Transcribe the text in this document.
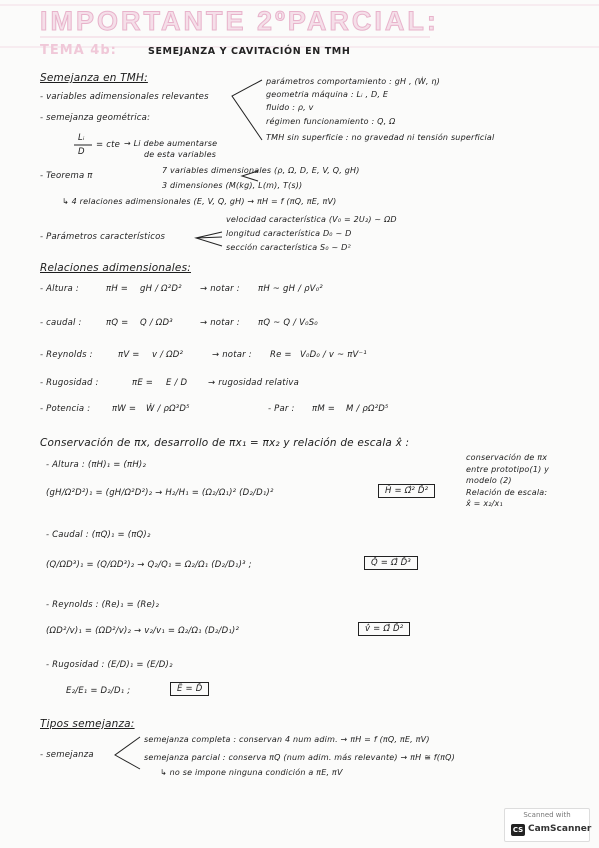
IMPORTANTE 2ºPARCIAL:
TEMA 4b:	SEMEJANZA Y CAVITACIÓN EN TMH
Semejanza en TMH:
- variables adimensionales relevantes
parámetros comportamiento : gH , (Ẇ, η)
geometria máquina : Lᵢ , D, E
fluido : ρ, v
régimen funcionamiento : Q, Ω
TMH sin superficie : no gravedad ni tensión superficial
- semejanza geométrica:
Lᵢ
D
= cte → Li debe aumentarse
de esta variables
- Teorema π
7 variables dimensionales (ρ, Ω, D, E, V, Q, gH)
3 dimensiones (M(kg), L(m), T(s))
↳ 4 relaciones adimensionales (E, V, Q, gH) → πH = f (πQ, πE, πV)
- Parámetros característicos
velocidad característica (V₀ = 2U₂) ~ ΩD
longitud característica D₀ ~ D
sección característica S₀ ~ D²
Relaciones adimensionales:
- Altura :	πH = gH / Ω²D² → notar : πH ~ gH / ρV₀²
- caudal :	πQ = Q / ΩD³	→ notar : πQ ~ Q / V₀S₀
- Reynolds :	πV = v / ΩD²	→ notar : Re = V₀D₀ / v ~ πV⁻¹
- Rugosidad :	πE = E / D → rugosidad relativa
- Potencia :	πW = Ẇ / ρΩ³D⁵	- Par : πM = M / ρΩ²D⁵
Conservación de πx, desarrollo de πx₁ = πx₂ y relación de escala x̂ :
conservación de πx
entre prototipo(1) y
modelo (2)
Relación de escala:
x̂ = x₂/x₁
- Altura : (πH)₁ = (πH)₂
(gH/Ω²D²)₁ = (gH/Ω²D²)₂ → H₂/H₁ = (Ω₂/Ω₁)² (D₂/D₁)²	Ĥ = Ω̂² D̂²
- Caudal : (πQ)₁ = (πQ)₂
(Q/ΩD³)₁ = (Q/ΩD³)₂ → Q₂/Q₁ = Ω₂/Ω₁ (D₂/D₁)³ ;	Q̂ = Ω̂ D̂³
- Reynolds : (Re)₁ = (Re)₂
(ΩD²/v)₁ = (ΩD²/v)₂ → v₂/v₁ = Ω₂/Ω₁ (D₂/D₁)²	v̂ = Ω̂ D̂²
- Rugosidad : (E/D)₁ = (E/D)₂
E₂/E₁ = D₂/D₁ ;	Ê = D̂
Tipos semejanza:
- semejanza
semejanza completa : conservan 4 num adim. → πH = f (πQ, πE, πV)
semejanza parcial : conserva πQ (num adim. más relevante) → πH ≅ f(πQ)
↳ no se impone ninguna condición a πE, πV
Scanned with
CS CamScanner
